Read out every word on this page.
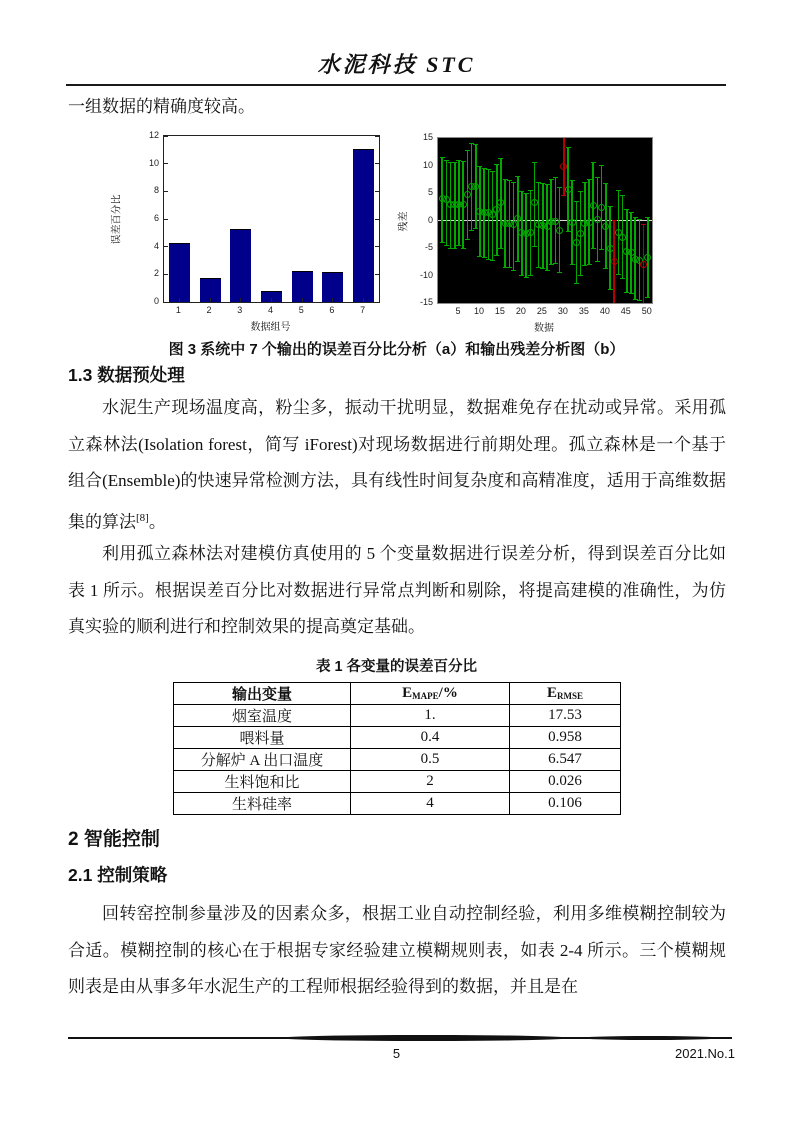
水泥科技 STC
一组数据的精确度较高。
0
2
4
6
8
10
12
1	2	3	4	5	6	7
数据组号
误差百分比
-15
-10
-5
0
5
10
15
5	10	15	20	25	30	35	40	45	50
数据
残差
图 3 系统中 7 个输出的误差百分比分析（a）和输出残差分析图（b）
1.3 数据预处理
水泥生产现场温度高，粉尘多，振动干扰明显，数据难免存在扰动或异常。采用孤立森林法(Isolation forest，简写 iForest)对现场数据进行前期处理。孤立森林是一个基于组合(Ensemble)的快速异常检测方法，具有线性时间复杂度和高精准度，适用于高维数据集的算法[8]。
利用孤立森林法对建模仿真使用的 5 个变量数据进行误差分析，得到误差百分比如表 1 所示。根据误差百分比对数据进行异常点判断和剔除，将提高建模的准确性，为仿真实验的顺利进行和控制效果的提高奠定基础。
表 1 各变量的误差百分比
输出变量	EMAPE/%	ERMSE
烟室温度	1.	17.53
喂料量	0.4	0.958
分解炉 A 出口温度	0.5	6.547
生料饱和比	2	0.026
生料硅率	4	0.106
2 智能控制
2.1 控制策略
回转窑控制参量涉及的因素众多，根据工业自动控制经验，利用多维模糊控制较为合适。模糊控制的核心在于根据专家经验建立模糊规则表，如表 2-4 所示。三个模糊规则表是由从事多年水泥生产的工程师根据经验得到的数据，并且是在
5	2021.No.1
